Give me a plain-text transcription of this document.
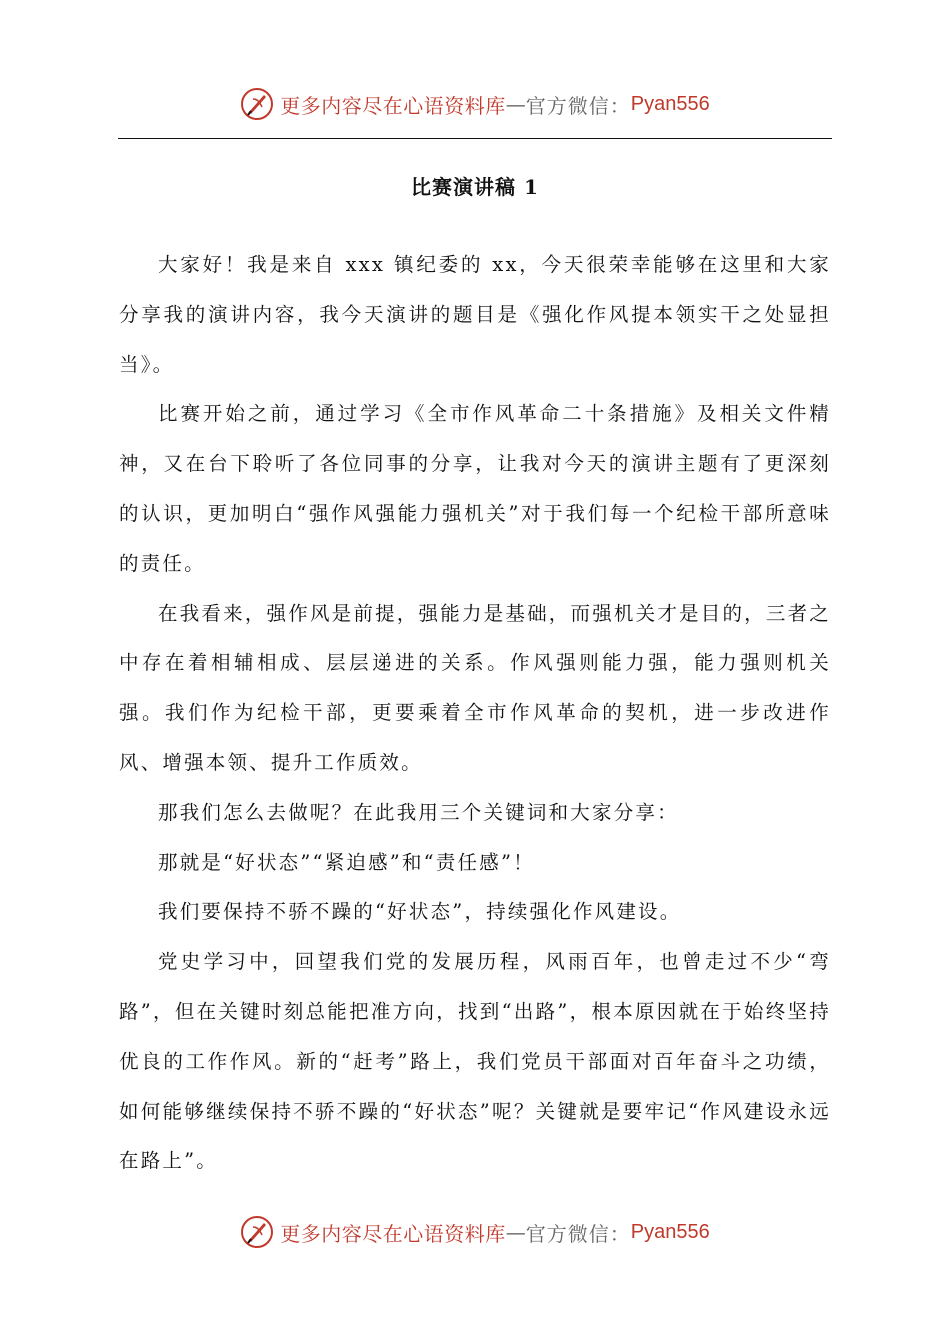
更多内容尽在心语资料库 — 官方微信： Pyan556
比赛演讲稿 1

大家好！我是来自 xxx 镇纪委的 xx，今天很荣幸能够在这里和大家分享我的演讲内容，我今天演讲的题目是《强化作风提本领实干之处显担当》。

比赛开始之前，通过学习《全市作风革命二十条措施》及相关文件精神，又在台下聆听了各位同事的分享，让我对今天的演讲主题有了更深刻的认识，更加明白“强作风强能力强机关”对于我们每一个纪检干部所意味的责任。

在我看来，强作风是前提，强能力是基础，而强机关才是目的，三者之中存在着相辅相成、层层递进的关系。作风强则能力强，能力强则机关强。我们作为纪检干部，更要乘着全市作风革命的契机，进一步改进作风、增强本领、提升工作质效。

那我们怎么去做呢？在此我用三个关键词和大家分享：

那就是“好状态”“紧迫感”和“责任感”！

我们要保持不骄不躁的“好状态”，持续强化作风建设。

党史学习中，回望我们党的发展历程，风雨百年，也曾走过不少“弯路”，但在关键时刻总能把准方向，找到“出路”，根本原因就在于始终坚持优良的工作作风。新的“赶考”路上，我们党员干部面对百年奋斗之功绩，如何能够继续保持不骄不躁的“好状态”呢？关键就是要牢记“作风建设永远在路上”。

更多内容尽在心语资料库 — 官方微信： Pyan556
